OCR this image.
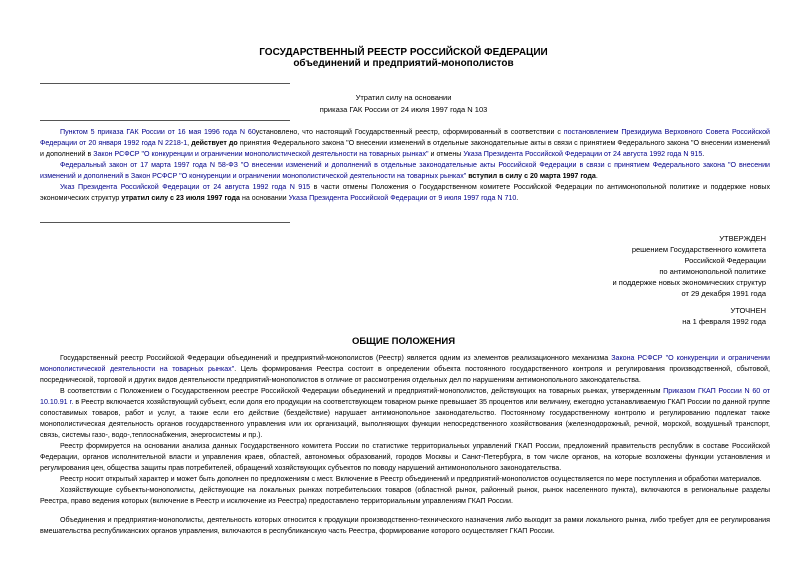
ГОСУДАРСТВЕННЫЙ РЕЕСТР РОССИЙСКОЙ ФЕДЕРАЦИИ
объединений и предприятий-монополистов
Утратил силу на основании
приказа ГАК России от 24 июля 1997 года N 103

Пунктом 5 приказа ГАК России от 16 мая 1996 года N 60установлено, что настоящий Государственный реестр, сформированный в соответствии с постановлением Президиума Верховного Совета Российской Федерации от 20 января 1992 года N 2218-1, действует до принятия Федерального закона "О внесении изменений в отдельные законодательные акты в связи с принятием Федерального закона "О внесении изменений и дополнений в Закон РСФСР "О конкуренции и ограничении монополистической деятельности на товарных рынках" и отмены Указа Президента Российской Федерации от 24 августа 1992 года N 915.

Федеральный закон от 17 марта 1997 года N 58-ФЗ "О внесении изменений и дополнений в отдельные законодательные акты Российской Федерации в связи с принятием Федерального закона "О внесении изменений и дополнений в Закон РСФСР "О конкуренции и ограничении монополистической деятельности на товарных рынках" вступил в силу с 20 марта 1997 года.

Указ Президента Российской Федерации от 24 августа 1992 года N 915 в части отмены Положения о Государственном комитете Российской Федерации по антимонопольной политике и поддержке новых экономических структур утратил силу с 23 июля 1997 года на основании Указа Президента Российской Федерации от 9 июля 1997 года N 710.

УТВЕРЖДЕН
решением Государственного комитета
Российской Федерации
по антимонопольной политике
и поддержке новых экономических структур
от 29 декабря 1991 года
УТОЧНЕН
на 1 февраля 1992 года
ОБЩИЕ ПОЛОЖЕНИЯ

Государственный реестр Российской Федерации объединений и предприятий-монополистов (Реестр) является одним из элементов реализационного механизма Закона РСФСР "О конкуренции и ограничении монополистической деятельности на товарных рынках". Цель формирования Реестра состоит в определении объекта постоянного государственного контроля и регулирования производственной, сбытовой, посреднической, торговой и других видов деятельности предприятий-монополистов в отличие от рассмотрения отдельных дел по нарушениям антимонопольного законодательства.

В соответствии с Положением о Государственном реестре Российской Федерации объединений и предприятий-монополистов, действующих на товарных рынках, утвержденным Приказом ГКАП России N 60 от 10.10.91 г. в Реестр включается хозяйствующий субъект, если доля его продукции на соответствующем товарном рынке превышает 35 процентов или величину, ежегодно устанавливаемую ГКАП России по данной группе сопоставимых товаров, работ и услуг, а также если его действие (бездействие) нарушает антимонопольное законодательство. Постоянному государственному контролю и регулированию подлежат также монополистическая деятельность органов государственного управления или их организаций, выполняющих функции непосредственного хозяйствования (железнодорожный, речной, морской, воздушный транспорт, связь, системы газо-, водо-,теплоснабжения, энергосистемы и пр.).

Реестр формируется на основании анализа данных Государственного комитета России по статистике территориальных управлений ГКАП России, предложений правительств республик в составе Российской Федерации, органов исполнительной власти и управления краев, областей, автономных образований, городов Москвы и Санкт-Петербурга, в том числе органов, на которые возложены функции установления и регулирования цен, общества защиты прав потребителей, обращений хозяйствующих субъектов по поводу нарушений антимонопольного законодательства.

Реестр носит открытый характер и может быть дополнен по предложениям с мест. Включение в Реестр объединений и предприятий-монополистов осуществляется по мере поступления и обработки материалов.

Хозяйствующие субъекты-монополисты, действующие на локальных рынках потребительских товаров (областной рынок, районный рынок, рынок населенного пункта), включаются в региональные разделы Реестра, право ведения которых (включение в Реестр и исключение из Реестра) предоставлено территориальным управлениям ГКАП России.

Объединения и предприятия-монополисты, деятельность которых относится к продукции производственно-технического назначения либо выходит за рамки локального рынка, либо требует для ее регулирования вмешательства республиканских органов управления, включаются в республиканскую часть Реестра, формирование которого осуществляет ГКАП России.
